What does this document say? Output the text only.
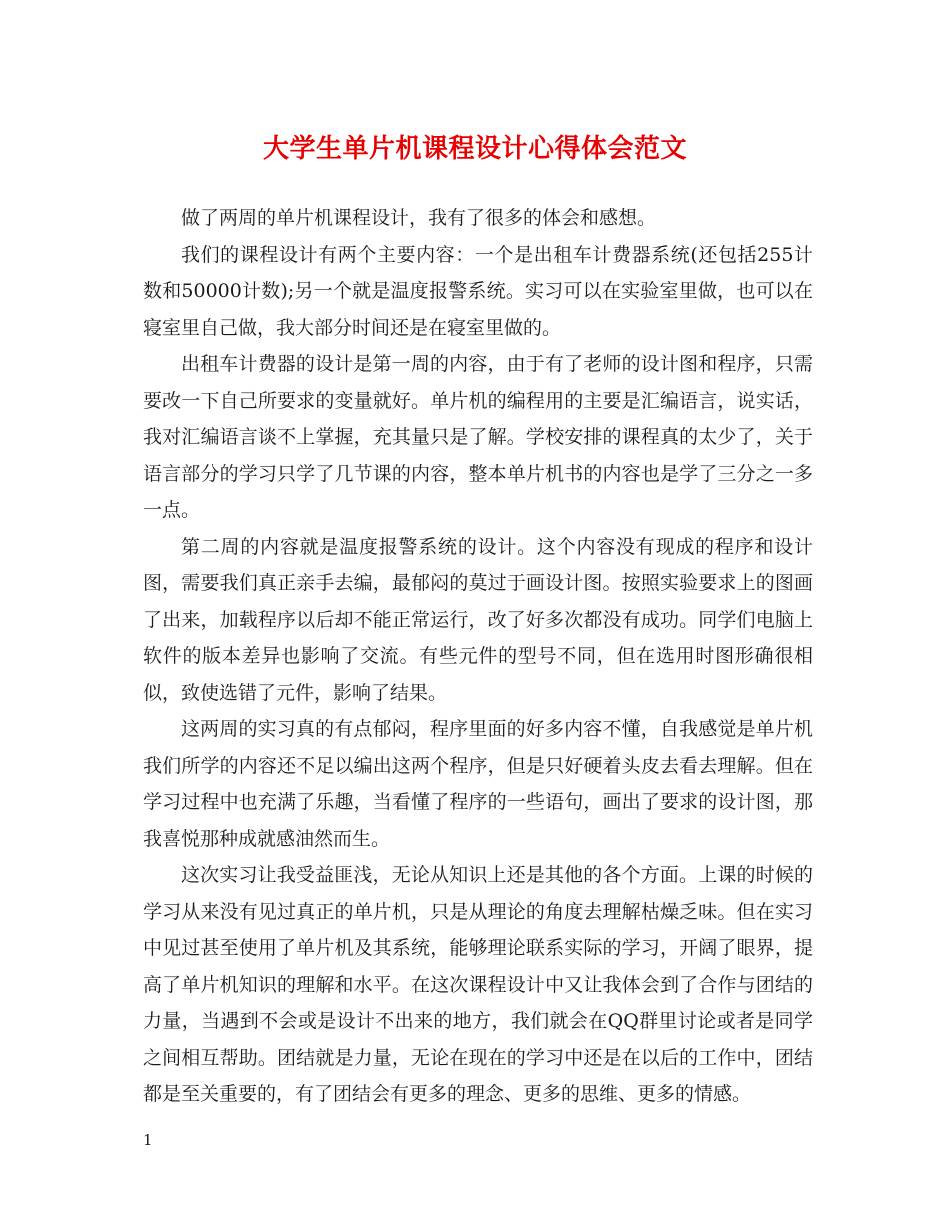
大学生单片机课程设计心得体会范文

做了两周的单片机课程设计，我有了很多的体会和感想。

我们的课程设计有两个主要内容：一个是出租车计费器系统(还包括255计数和50000计数);另一个就是温度报警系统。实习可以在实验室里做，也可以在寝室里自己做，我大部分时间还是在寝室里做的。

出租车计费器的设计是第一周的内容，由于有了老师的设计图和程序，只需要改一下自己所要求的变量就好。单片机的编程用的主要是汇编语言，说实话，我对汇编语言谈不上掌握，充其量只是了解。学校安排的课程真的太少了，关于语言部分的学习只学了几节课的内容，整本单片机书的内容也是学了三分之一多一点。

第二周的内容就是温度报警系统的设计。这个内容没有现成的程序和设计图，需要我们真正亲手去编，最郁闷的莫过于画设计图。按照实验要求上的图画了出来，加载程序以后却不能正常运行，改了好多次都没有成功。同学们电脑上软件的版本差异也影响了交流。有些元件的型号不同，但在选用时图形确很相似，致使选错了元件，影响了结果。

这两周的实习真的有点郁闷，程序里面的好多内容不懂，自我感觉是单片机我们所学的内容还不足以编出这两个程序，但是只好硬着头皮去看去理解。但在学习过程中也充满了乐趣，当看懂了程序的一些语句，画出了要求的设计图，那我喜悦那种成就感油然而生。

这次实习让我受益匪浅，无论从知识上还是其他的各个方面。上课的时候的学习从来没有见过真正的单片机，只是从理论的角度去理解枯燥乏味。但在实习中见过甚至使用了单片机及其系统，能够理论联系实际的学习，开阔了眼界，提高了单片机知识的理解和水平。在这次课程设计中又让我体会到了合作与团结的力量，当遇到不会或是设计不出来的地方，我们就会在QQ群里讨论或者是同学之间相互帮助。团结就是力量，无论在现在的学习中还是在以后的工作中，团结都是至关重要的，有了团结会有更多的理念、更多的思维、更多的情感。

1
